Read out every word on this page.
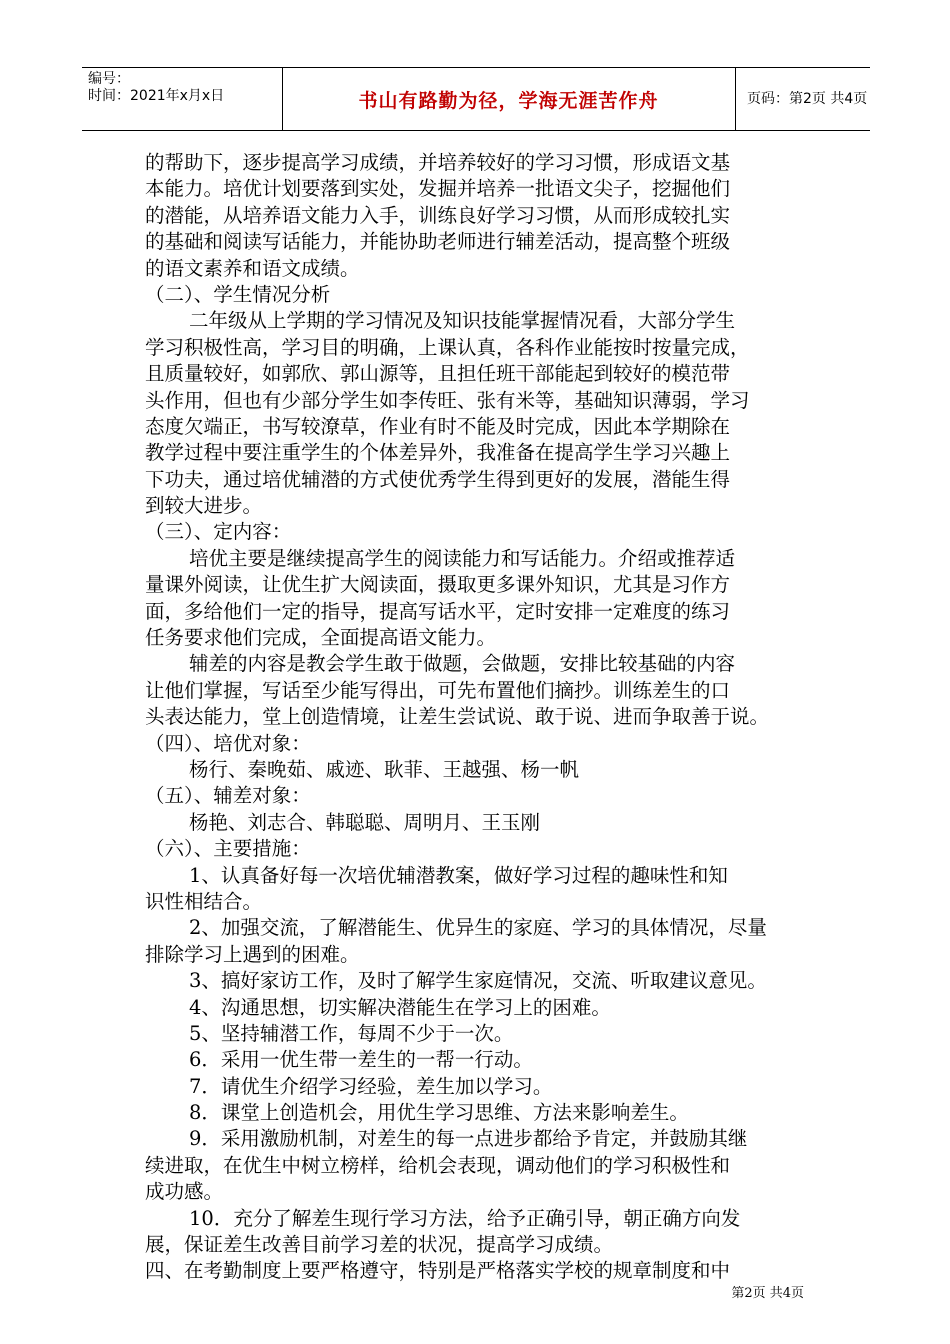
编号：
时间：2021年x月x日	书山有路勤为径，学海无涯苦作舟	页码：第2页 共4页
的帮助下，逐步提高学习成绩，并培养较好的学习习惯，形成语文基
本能力。培优计划要落到实处，发掘并培养一批语文尖子，挖掘他们
的潜能，从培养语文能力入手，训练良好学习习惯，从而形成较扎实
的基础和阅读写话能力，并能协助老师进行辅差活动，提高整个班级
的语文素养和语文成绩。
（二）、学生情况分析
二年级从上学期的学习情况及知识技能掌握情况看，大部分学生
学习积极性高，学习目的明确，上课认真，各科作业能按时按量完成，
且质量较好，如郭欣、郭山源等，且担任班干部能起到较好的模范带
头作用，但也有少部分学生如李传旺、张有米等，基础知识薄弱，学习
态度欠端正，书写较潦草，作业有时不能及时完成，因此本学期除在
教学过程中要注重学生的个体差异外，我准备在提高学生学习兴趣上
下功夫，通过培优辅潜的方式使优秀学生得到更好的发展，潜能生得
到较大进步。
（三）、定内容：
培优主要是继续提高学生的阅读能力和写话能力。介绍或推荐适
量课外阅读，让优生扩大阅读面，摄取更多课外知识，尤其是习作方
面，多给他们一定的指导，提高写话水平，定时安排一定难度的练习
任务要求他们完成，全面提高语文能力。
辅差的内容是教会学生敢于做题，会做题，安排比较基础的内容
让他们掌握，写话至少能写得出，可先布置他们摘抄。训练差生的口
头表达能力，堂上创造情境，让差生尝试说、敢于说、进而争取善于说。
（四）、培优对象：
杨行、秦晚茹、戚迹、耿菲、王越强、杨一帆
（五）、辅差对象：
杨艳、刘志合、韩聪聪、周明月、王玉刚
（六）、主要措施：
1、认真备好每一次培优辅潜教案，做好学习过程的趣味性和知
识性相结合。
2、加强交流，了解潜能生、优异生的家庭、学习的具体情况，尽量
排除学习上遇到的困难。
3、搞好家访工作，及时了解学生家庭情况，交流、听取建议意见。
4、沟通思想，切实解决潜能生在学习上的困难。
5、坚持辅潜工作，每周不少于一次。
6．采用一优生带一差生的一帮一行动。
7．请优生介绍学习经验，差生加以学习。
8．课堂上创造机会，用优生学习思维、方法来影响差生。
9．采用激励机制，对差生的每一点进步都给予肯定，并鼓励其继
续进取，在优生中树立榜样，给机会表现，调动他们的学习积极性和
成功感。
10．充分了解差生现行学习方法，给予正确引导，朝正确方向发
展，保证差生改善目前学习差的状况，提高学习成绩。
四、在考勤制度上要严格遵守，特别是严格落实学校的规章制度和中
第2页 共4页
